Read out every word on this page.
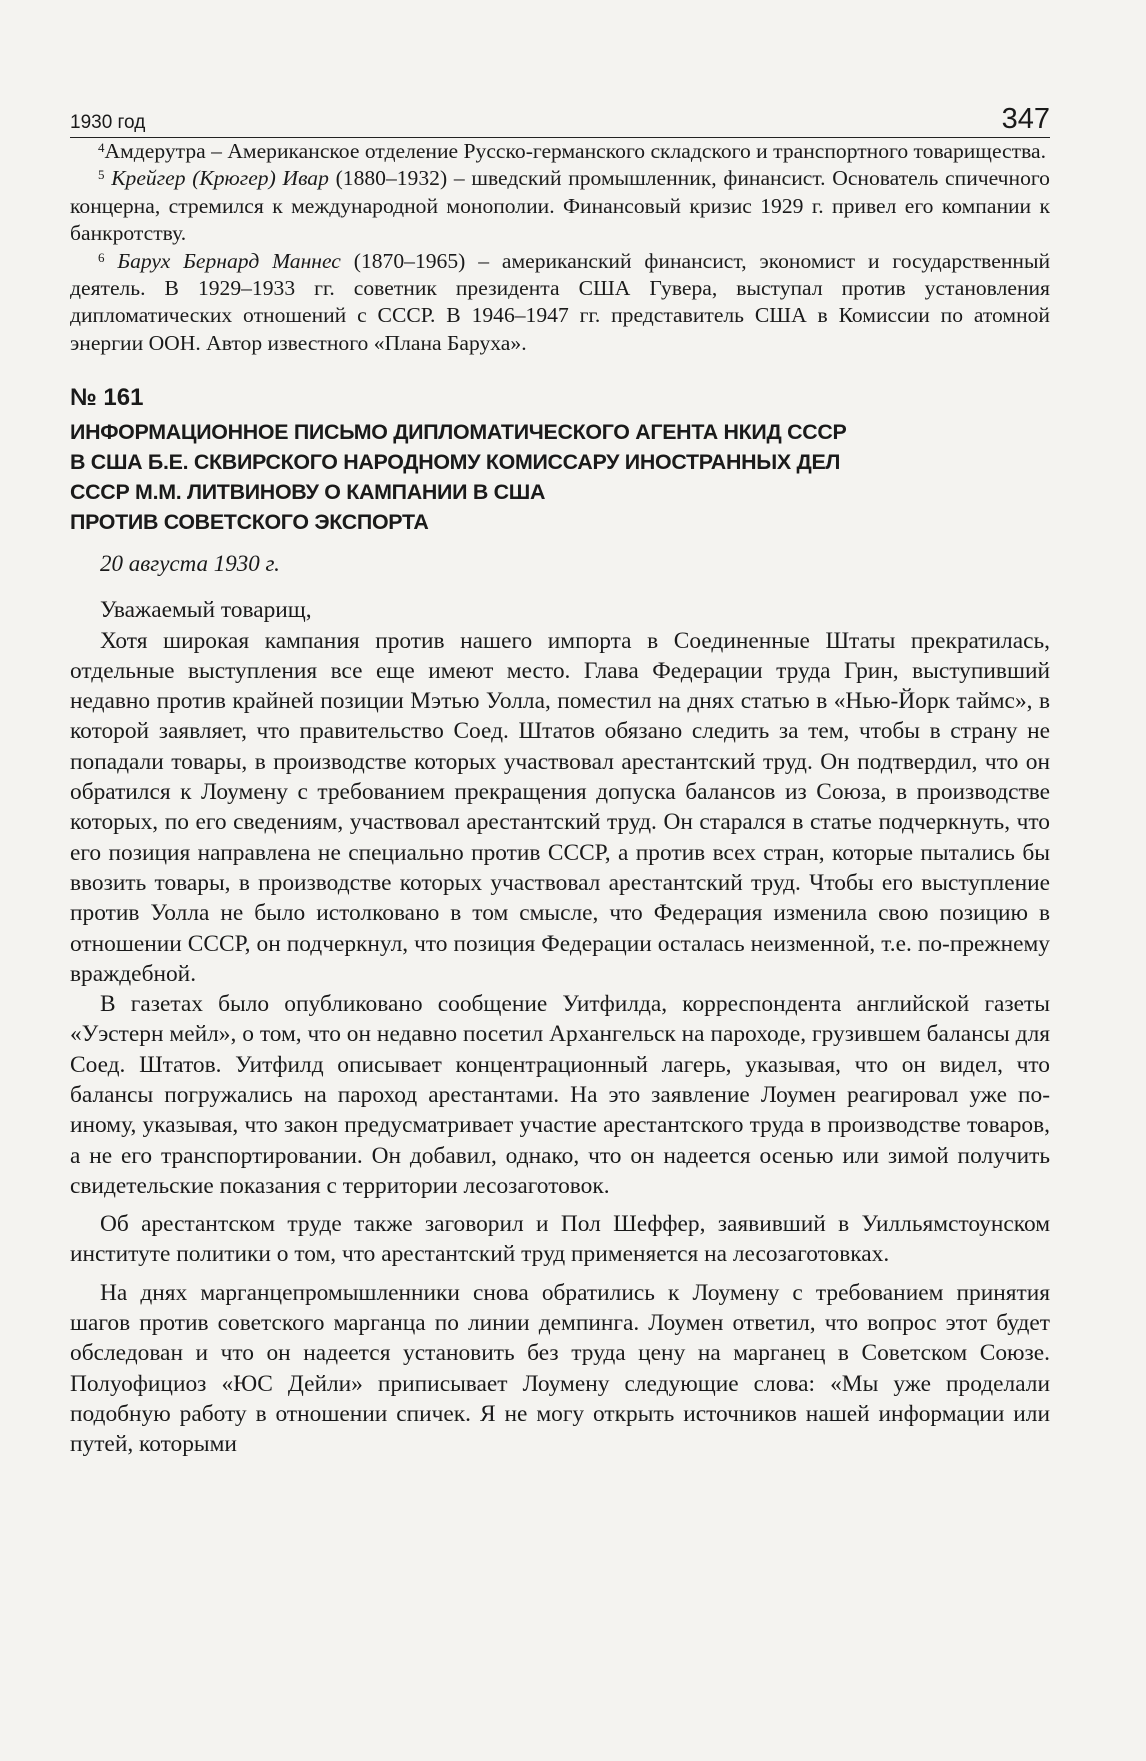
1930 год	347

$^4$Амдерутра – Американское отделение Русско-германского складского и транспортного товарищества.

$^5$ Крейгер (Крюгер) Ивар (1880–1932) – шведский промышленник, финансист. Основатель спичечного концерна, стремился к международной монополии. Финансовый кризис 1929 г. привел его компании к банкротству.

$^6$ Барух Бернард Маннес (1870–1965) – американский финансист, экономист и государственный деятель. В 1929–1933 гг. советник президента США Гувера, выступал против установления дипломатических отношений с СССР. В 1946–1947 гг. представитель США в Комиссии по атомной энергии ООН. Автор известного «Плана Баруха».

№ 161
ИНФОРМАЦИОННОЕ ПИСЬМО ДИПЛОМАТИЧЕСКОГО АГЕНТА НКИД СССР
В США Б.Е. СКВИРСКОГО НАРОДНОМУ КОМИССАРУ ИНОСТРАННЫХ ДЕЛ
СССР М.М. ЛИТВИНОВУ О КАМПАНИИ В США
ПРОТИВ СОВЕТСКОГО ЭКСПОРТА
20 августа 1930 г.

Уважаемый товарищ,

Хотя широкая кампания против нашего импорта в Соединенные Штаты прекратилась, отдельные выступления все еще имеют место. Глава Федерации труда Грин, выступивший недавно против крайней позиции Мэтью Уолла, поместил на днях статью в «Нью-Йорк таймс», в которой заявляет, что правительство Соед. Штатов обязано следить за тем, чтобы в страну не попадали товары, в производстве которых участвовал арестантский труд. Он подтвердил, что он обратился к Лоумену с требованием прекращения допуска балансов из Союза, в производстве которых, по его сведениям, участвовал арестантский труд. Он старался в статье подчеркнуть, что его позиция направлена не специально против СССР, а против всех стран, которые пытались бы ввозить товары, в производстве которых участвовал арестантский труд. Чтобы его выступление против Уолла не было истолковано в том смысле, что Федерация изменила свою позицию в отношении СССР, он подчеркнул, что позиция Федерации осталась неизменной, т.е. по-прежнему враждебной.

В газетах было опубликовано сообщение Уитфилда, корреспондента английской газеты «Уэстерн мейл», о том, что он недавно посетил Архангельск на пароходе, грузившем балансы для Соед. Штатов. Уитфилд описывает концентрационный лагерь, указывая, что он видел, что балансы погружались на пароход арестантами. На это заявление Лоумен реагировал уже по-иному, указывая, что закон предусматривает участие арестантского труда в производстве товаров, а не его транспортировании. Он добавил, однако, что он надеется осенью или зимой получить свидетельские показания с территории лесозаготовок.

Об арестантском труде также заговорил и Пол Шеффер, заявивший в Уилльямстоунском институте политики о том, что арестантский труд применяется на лесозаготовках.

На днях марганцепромышленники снова обратились к Лоумену с требованием принятия шагов против советского марганца по линии демпинга. Лоумен ответил, что вопрос этот будет обследован и что он надеется установить без труда цену на марганец в Советском Союзе. Полуофициоз «ЮС Дейли» приписывает Лоумену следующие слова: «Мы уже проделали подобную работу в отношении спичек. Я не могу открыть источников нашей информации или путей, которыми
